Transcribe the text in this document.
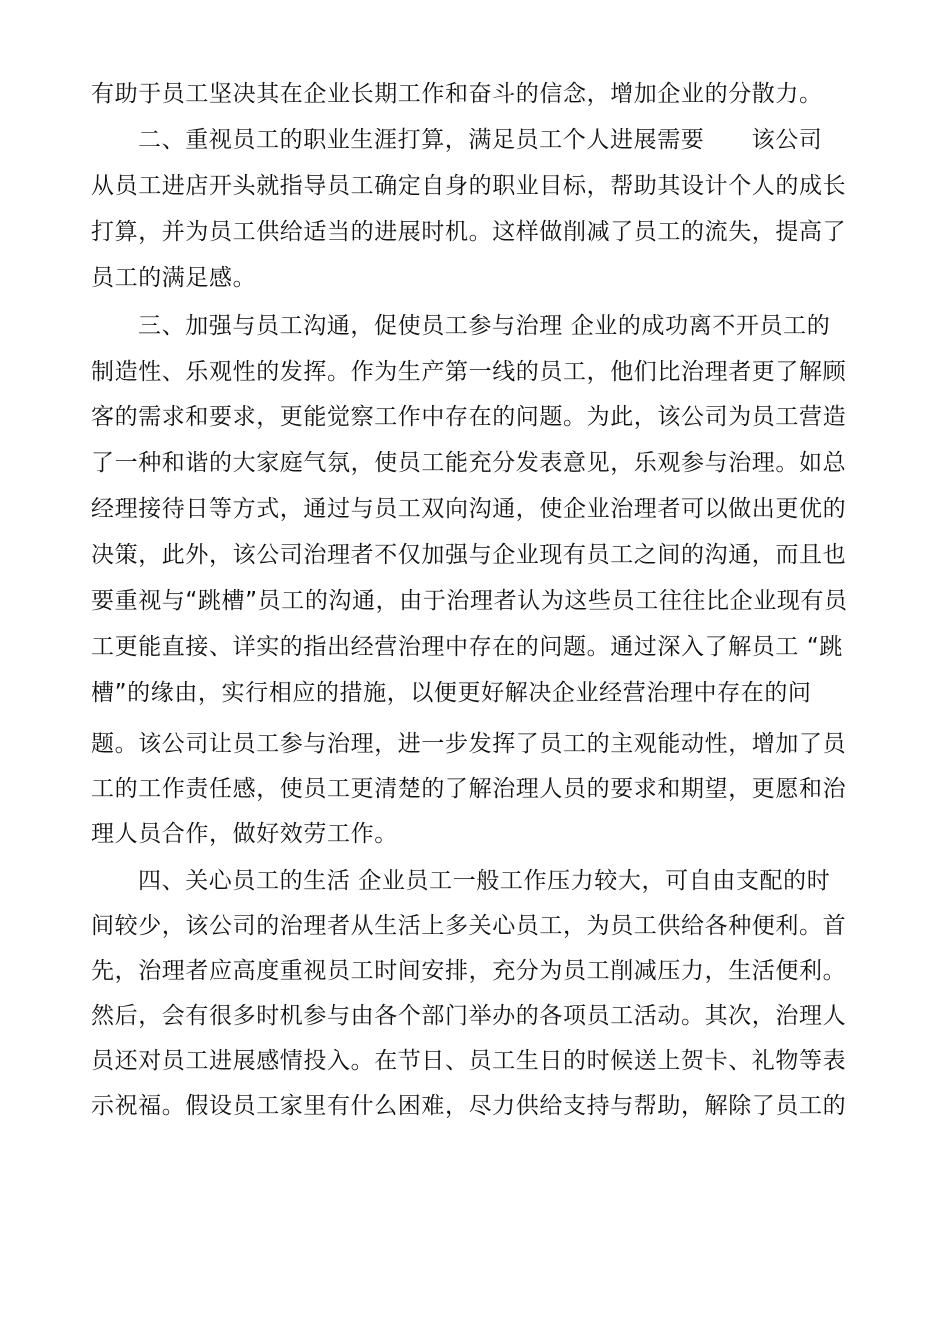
有助于员工坚决其在企业长期工作和奋斗的信念，增加企业的分散力。
二、重视员工的职业生涯打算，满足员工个人进展需要　　该公司
从员工进店开头就指导员工确定自身的职业目标，帮助其设计个人的成长
打算，并为员工供给适当的进展时机。这样做削减了员工的流失，提高了
员工的满足感。
三、加强与员工沟通，促使员工参与治理 企业的成功离不开员工的
制造性、乐观性的发挥。作为生产第一线的员工，他们比治理者更了解顾
客的需求和要求，更能觉察工作中存在的问题。为此，该公司为员工营造
了一种和谐的大家庭气氛，使员工能充分发表意见，乐观参与治理。如总
经理接待日等方式，通过与员工双向沟通，使企业治理者可以做出更优的
决策，此外，该公司治理者不仅加强与企业现有员工之间的沟通，而且也
要重视与“跳槽”员工的沟通，由于治理者认为这些员工往往比企业现有员
工更能直接、详实的指出经营治理中存在的问题。通过深入了解员工 “跳
槽”的缘由，实行相应的措施，以便更好解决企业经营治理中存在的问
题。该公司让员工参与治理，进一步发挥了员工的主观能动性，增加了员
工的工作责任感，使员工更清楚的了解治理人员的要求和期望，更愿和治
理人员合作，做好效劳工作。
四、关心员工的生活 企业员工一般工作压力较大，可自由支配的时
间较少，该公司的治理者从生活上多关心员工，为员工供给各种便利。首
先，治理者应高度重视员工时间安排，充分为员工削减压力，生活便利。
然后，会有很多时机参与由各个部门举办的各项员工活动。其次，治理人
员还对员工进展感情投入。在节日、员工生日的时候送上贺卡、礼物等表
示祝福。假设员工家里有什么困难，尽力供给支持与帮助，解除了员工的
